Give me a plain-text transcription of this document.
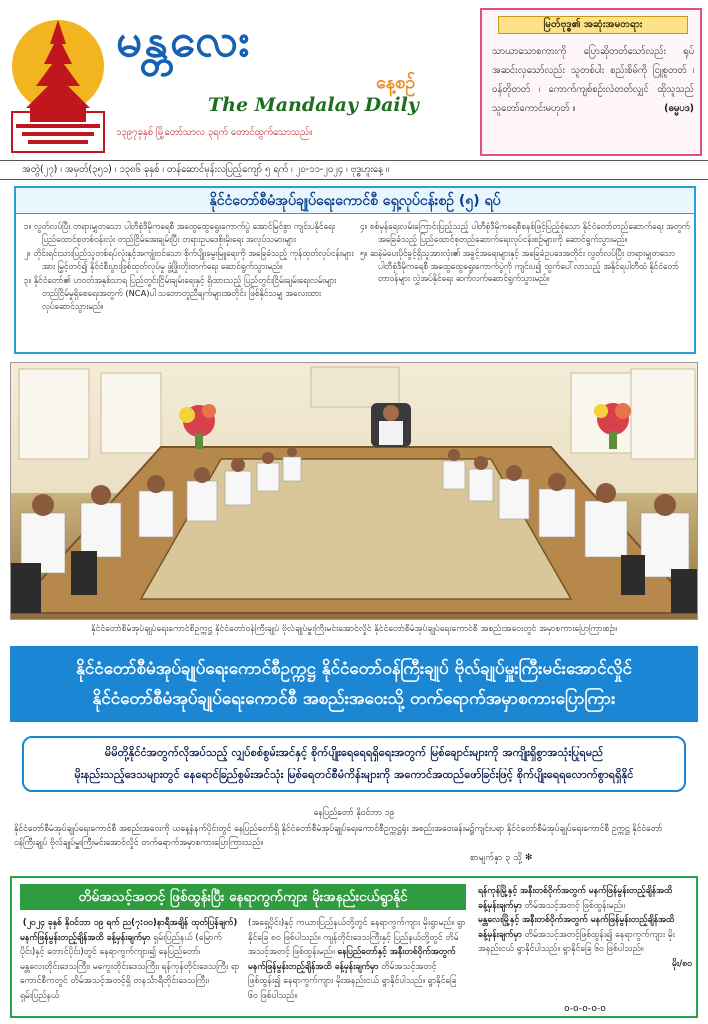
မန္တလေး
နေ့စဉ်
The Mandalay Daily
၁၃၉၇ခုနှစ် မြို့တော်သာလ ၃ရက် တောင်ထွက်သောသည်။
မြတ်ဗုဒ္ဓ၏ အဆုံးအမတရား
သာယာသောစကားကို ပြောဆိုတတ်သော်လည်း ရုပ်အဆင်းလှသော်လည်း သူတစ်ပါး စည်းစိမ်ကို ငြူစူတတ် ၊ ဝန်တိုတတ် ၊ ကောက်ကျစ်စဉ်းလဲတတ်လျှင် ထိုသူသည် သူတော်ကောင်းမဟုတ် ။	(ဓမ္မပဒ)
အတွဲ(၂၇) ၊ အမှတ်(၃၅၁) ၊ ၁၃၈၆ ခုနှစ် ၊ တန်ဆောင်မုန်းလပြည့်ကျော် ၅ ရက် ၊ ၂၀-၁၁-၂၀၂၄ ၊ ဗုဒ္ဓဟူးနေ့ ။
နိုင်ငံတော်စီမံအုပ်ချုပ်ရေးကောင်စီ ရှေ့လုပ်ငန်းစဉ် (၅) ရပ်

၁။ လွတ်လပ်ပြီး တရားမျှတသော ပါတီစုံဒီမိုကရေစီ အထွေထွေရွေးကောက်ပွဲ အောင်မြင်စွာ ကျင်းပနိုင်ရေး ပြည်ထောင်စုတစ်ဝန်းလုံး တည်ငြိမ်အေးချမ်းပြီး တရားဥပဒေစိုးမိုးရေး အလုပ်သမားများ

၂။ တိုင်းရင်းသားပြည်သူတစ်ရပ်လုံးနှင့်အကျုံးဝင်သော စိုက်ပျိုးမွေးမြူရေးကို အခြေခံသည့် ကုန်ထုတ်လုပ်ငန်းများအား မြှင့်တင်၍ နိုင်ငံစီးပွားဖြစ်ထုတ်လုပ်မှု ဖွံ့ဖြိုးတိုးတက်ရေး ဆောင်ရွက်သွားမည်။

၃။ နိုင်ငံတော်၏ ဟဝတ်အနုစ်သာရ ပြည်တွင်းငြိမ်းချမ်းရေးနှင့် ရှိထားသည့် ပြည်တွင်းငြိမ်းချမ်းရေးလမ်းများ တည်ငြိမ်မှုရှိစေရေးအတွက် (NCA)ပါ သဘောတူညီချက်များအတိုင်း ဖြစ်နိုင်သမျှ အလေးထား လုပ်ဆောင်သွားမည်။

၄။ စစ်မှန်ရေးလမ်းကြောင်းပြည့်သည့် ပါတီစုံဒီမိုကရေစီစနစ်ဖြင့်ပြည့်စုံသော နိုင်ငံတော်တည်ဆောက်ရေး အတွက် အခြေခံသည့် ပြည်ထောင်စုတည်ဆောက်ရေးလုပ်ငန်းစဉ်များကို ဆောင်ရွက်သွားမည်။

၅။ ဆနဲမဲပေးပိုင်ခွင့်ရှိသူအားလုံး၏ အခွင့်အရေးများနှင့် အခြေခံဥပဒေအတိုင်း လွတ်လပ်ပြီး တရားမျှတသော ပါတီစုံဒီမိုကရေစီ အထွေထွေရွေးကောက်ပွဲကို ကျင်းပ၍ ထွက်ပေါ်လာသည့် အနိုင်ရပါတီထံ နိုင်ငံတော်တာဝန်များ လွှဲအပ်နိုင်ရေး ဆက်လက်ဆောင်ရွက်သွားမည်။

နိုင်ငံတော်စီမံအုပ်ချုပ်ရေးကောင်စီဥက္ကဋ္ဌ နိုင်ငံတော်ဝန်ကြီးချုပ် ဗိုလ်ချုပ်မှူးကြီးမင်းအောင်လှိုင် နိုင်ငံတော်စီမံအုပ်ချုပ်ရေးကောင်စီ အစည်းအဝေးတွင် အမှာစကားပြောကြားစဉ်။
နိုင်ငံတော်စီမံအုပ်ချုပ်ရေးကောင်စီဥက္ကဋ္ဌ နိုင်ငံတော်ဝန်ကြီးချုပ် ဗိုလ်ချုပ်မှူးကြီးမင်းအောင်လှိုင်
နိုင်ငံတော်စီမံအုပ်ချုပ်ရေးကောင်စီ အစည်းအဝေးသို့ တက်ရောက်အမှာစကားပြောကြား
မိမိတို့နိုင်ငံအတွက်လိုအပ်သည့် လျှပ်စစ်စွမ်းအင်နှင့် စိုက်ပျိုးရေရေရရှိရေးအတွက် မြစ်ချောင်းများကို အကျိုးရှိစွာအသုံးပြုရမည်
မိုးနည်းသည့်ဒေသများတွင် နေရောင်ခြည်စွမ်းအင်သုံး မြစ်ရေတင်စီမံကိန်းများကို အကောင်အထည်ဖော်ခြင်းဖြင့် စိုက်ပျိုးရေရလောက်စွာရရှိနိုင်
နေပြည်တော် နိုဝင်ဘာ ၁၉
နိုင်ငံတော်စီမံအုပ်ချုပ်ရေးကောင်စီ အစည်းအဝေးကို ယနေ့နံနက်ပိုင်းတွင် နေပြည်တော်ရှိ နိုင်ငံတော်စီမံအုပ်ချုပ်ရေးကောင်စီဥက္ကဋ္ဌရုံး အစည်းအဝေးခန်းမ၌ကျင်းပရာ နိုင်ငံတော်စီမံအုပ်ချုပ်ရေးကောင်စီ ဥက္ကဋ္ဌ နိုင်ငံတော်ဝန်ကြီးချုပ် ဗိုလ်ချုပ်မှူးကြီးမင်းအောင်လှိုင် တက်ရောက်အမှာစကားပြောကြားသည်။
စာမျက်နှာ ၃ သို့ ✻
တိမ်အသင့်အတင့် ဖြစ်ထွန်းပြီး နေရာကွက်ကျား မိုးအနည်းငယ်ရွာနိုင်
(၂၀၂၄ ခုနှစ် နိုဝင်ဘာ ၁၉ ရက် ည(၇:၀၀)နာရီအချိန် ထုတ်ပြန်ချက်)
မနက်ဖြန်မွန်းတည့်ချိန်အထိ ခန့်မှန်းချက်မှာ ရှမ်းပြည်နယ် (မြောက်ပိုင်း)နှင့် တောင်ပိုင်း)တွင် နေရာကွက်ကျား၍ နေပြည်တော်၊ မန္တလေးတိုင်းဒေသကြီး၊ မကွေးတိုင်းဒေသကြီး၊ ရန်ကုန်တိုင်းဒေသကြီး ရာကောင်စီကတွင် တိမ်အသင့်အတင့်ရှိ တနင်္သာရီတိုင်းဒေသကြီး၊ ရှမ်းပြည်နယ်
(အရှေ့ပိုင်း)နှင့် ကယားပြည်နယ်တို့တွင် နေရာကွက်ကျား မိုးရွာမည်။ ရွာနိုင်ခြေ ၈၀ ဖြစ်ပါသည်။ ကျန်တိုင်းဒေသကြီးနှင့် ပြည်နယ်တို့တွင် တိမ်အသင့်အတင့် ဖြစ်ထွန်းမည်။ နေပြည်တော်နှင့် အနီးတစ်ဝိုက်အတွက် မနက်ဖြန်မွန်းတည့်ချိန်အထိ ခန့်မှန်းချက်မှာ တိမ်အသင့်အတင့်ဖြစ်ထွန်း၍ နေရာကွက်ကျား မိုးအနည်းငယ် ရွာနိုင်ပါသည်။ ရွာနိုင်ခြေ ၆၀ ဖြစ်ပါသည်။
ရန်ကုန်မြို့နှင့် အနီးတစ်ဝိုက်အတွက် မနက်ဖြန်မွန်းတည့်ချိန်အထိ ခန့်မှန်းချက်မှာ တိမ်အသင့်အတင့် ဖြစ်ထွန်းမည်။
မန္တလေးမြို့နှင့် အနီးတစ်ဝိုက်အတွက် မနက်ဖြန်မွန်းတည့်ချိန်အထိ ခန့်မှန်းချက်မှာ တိမ်အသင့်အတင့်ဖြစ်ထွန်း၍ နေရာကွက်ကျား မိုးအနည်းငယ် ရွာနိုင်ပါသည်။ ရွာနိုင်ခြေ ၆၀ ဖြစ်ပါသည်။
မိုး/၈၀
o-o-o-o-o
